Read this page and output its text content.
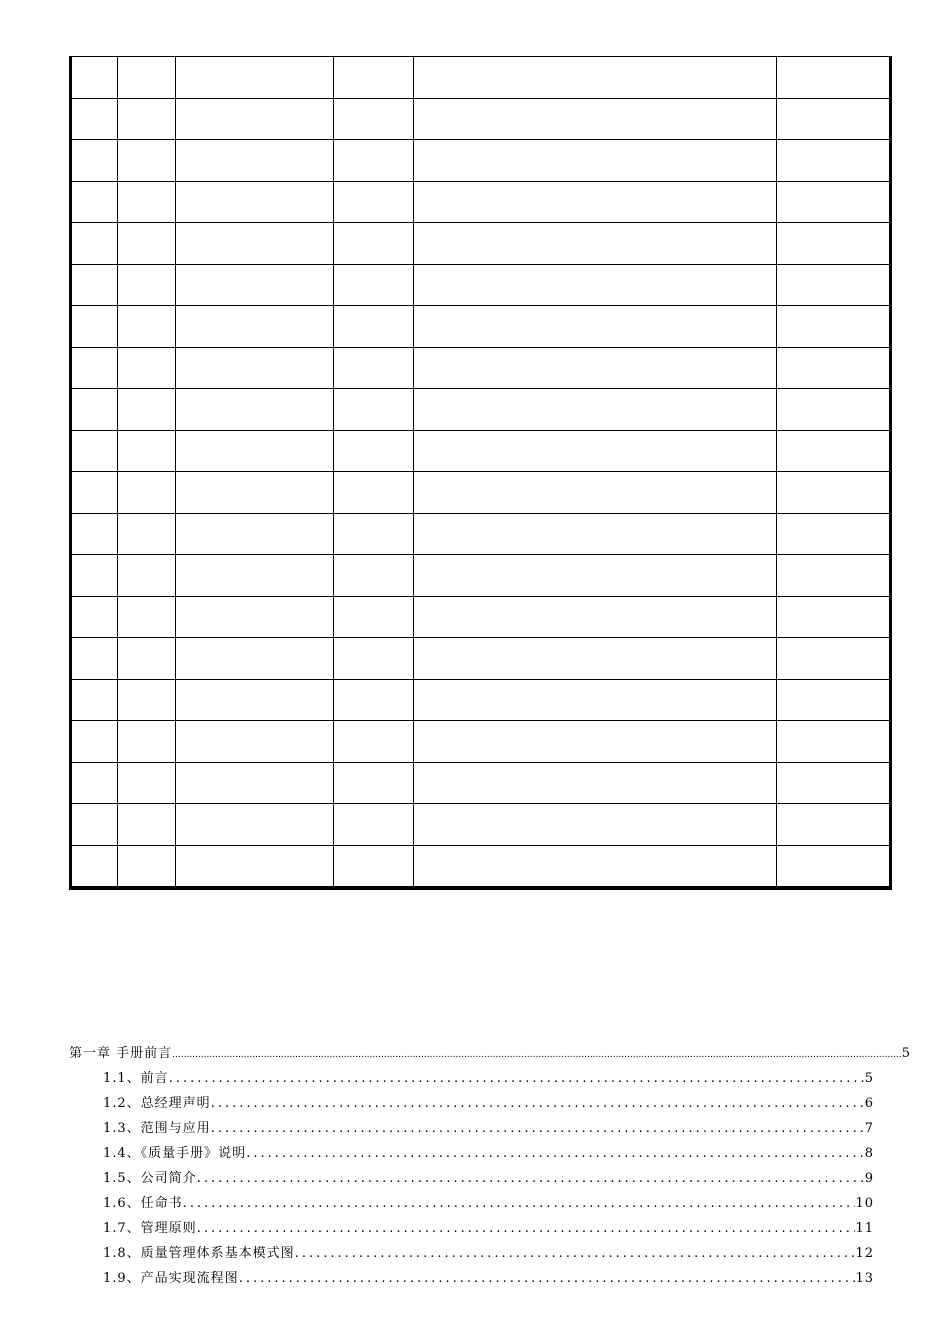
第一章 手册前言 .....	5
1.1、前言 .....	5
1.2、总经理声明 .....	6
1.3、范围与应用 .....	7
1.4、《质量手册》说明 .....	8
1.5、公司简介 .....	9
1.6、任命书 .....	10
1.7、管理原则 .....	11
1.8、质量管理体系基本模式图 .....	12
1.9、产品实现流程图 .....	13
